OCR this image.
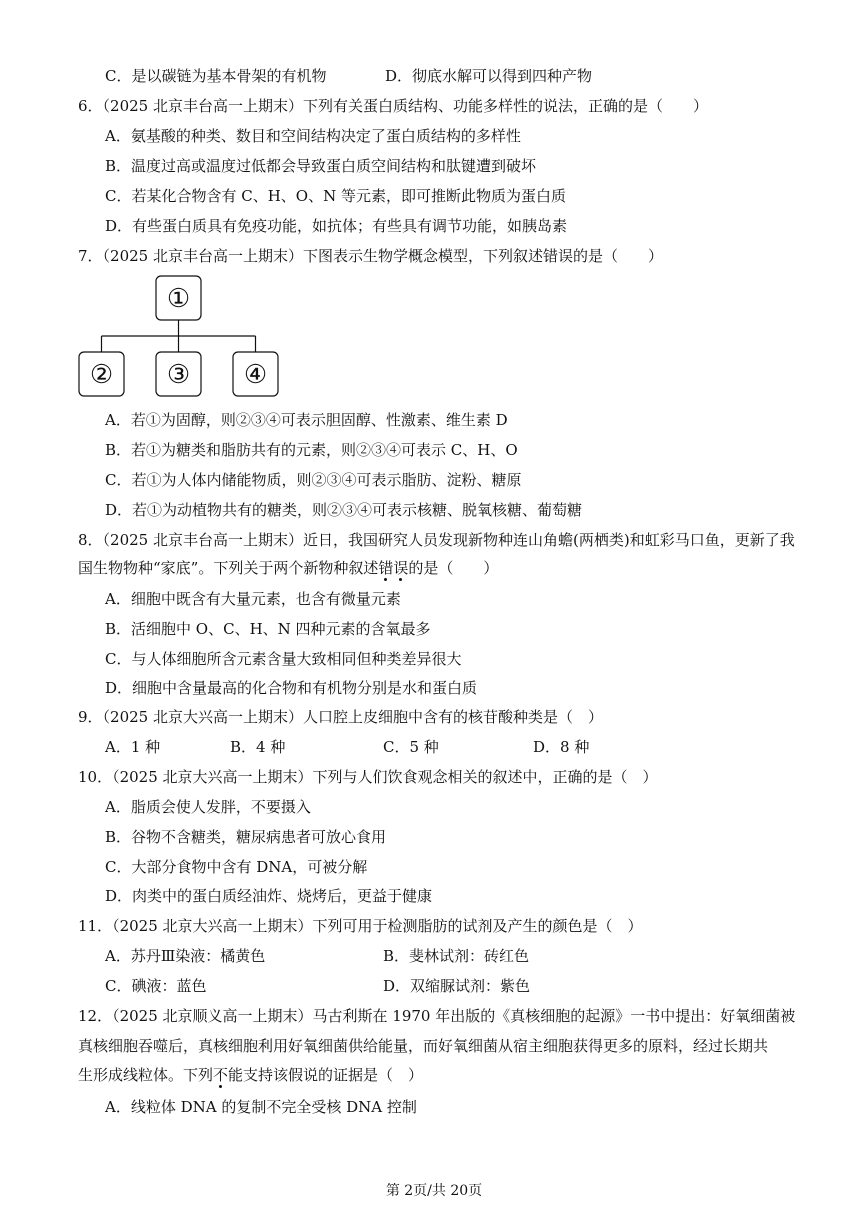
C．是以碳链为基本骨架的有机物	D．彻底水解可以得到四种产物
6．（2025 北京丰台高一上期末）下列有关蛋白质结构、功能多样性的说法，正确的是（　　）
A．氨基酸的种类、数目和空间结构决定了蛋白质结构的多样性
B．温度过高或温度过低都会导致蛋白质空间结构和肽键遭到破坏
C．若某化合物含有 C、H、O、N 等元素，即可推断此物质为蛋白质
D．有些蛋白质具有免疫功能，如抗体；有些具有调节功能，如胰岛素
7．（2025 北京丰台高一上期末）下图表示生物学概念模型，下列叙述错误的是（　　）
①
② ③ ④
A．若①为固醇，则②③④可表示胆固醇、性激素、维生素 D
B．若①为糖类和脂肪共有的元素，则②③④可表示 C、H、O
C．若①为人体内储能物质，则②③④可表示脂肪、淀粉、糖原
D．若①为动植物共有的糖类，则②③④可表示核糖、脱氧核糖、葡萄糖
8．（2025 北京丰台高一上期末）近日，我国研究人员发现新物种连山角蟾(两栖类)和虹彩马口鱼，更新了我
国生物物种“家底”。下列关于两个新物种叙述错误的是（　　）
A．细胞中既含有大量元素，也含有微量元素
B．活细胞中 O、C、H、N 四种元素的含氧最多
C．与人体细胞所含元素含量大致相同但种类差异很大
D．细胞中含量最高的化合物和有机物分别是水和蛋白质
9．（2025 北京大兴高一上期末）人口腔上皮细胞中含有的核苷酸种类是（　）
A．1 种	B．4 种	C．5 种	D．8 种
10．（2025 北京大兴高一上期末）下列与人们饮食观念相关的叙述中，正确的是（　）
A．脂质会使人发胖，不要摄入
B．谷物不含糖类，糖尿病患者可放心食用
C．大部分食物中含有 DNA，可被分解
D．肉类中的蛋白质经油炸、烧烤后，更益于健康
11．（2025 北京大兴高一上期末）下列可用于检测脂肪的试剂及产生的颜色是（　）
A．苏丹Ⅲ染液：橘黄色	B．斐林试剂：砖红色
C．碘液：蓝色	D．双缩脲试剂：紫色
12．（2025 北京顺义高一上期末）马古利斯在 1970 年出版的《真核细胞的起源》一书中提出：好氧细菌被
真核细胞吞噬后，真核细胞利用好氧细菌供给能量，而好氧细菌从宿主细胞获得更多的原料，经过长期共
生形成线粒体。下列不能支持该假说的证据是（　）
A．线粒体 DNA 的复制不完全受核 DNA 控制
第 2页/共 20页
